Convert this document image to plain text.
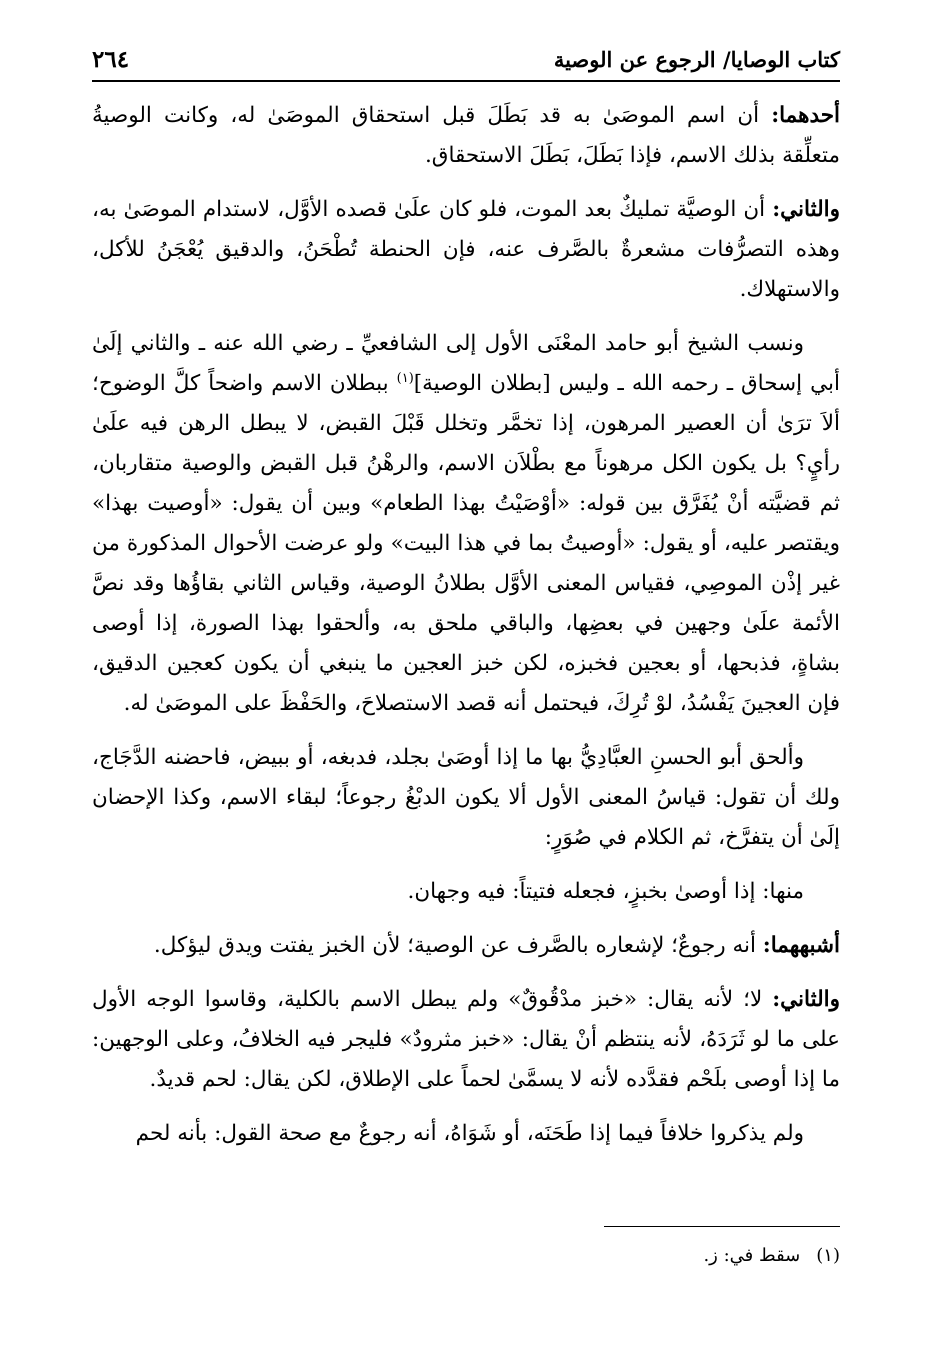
كتاب الوصايا/ الرجوع عن الوصية
٢٦٤

أحدهما: أن اسم الموصَىٰ به قد بَطَلَ قبل استحقاق الموصَىٰ له، وكانت الوصيةُ متعلِّقة بذلك الاسم، فإذا بَطَلَ، بَطَلَ الاستحقاق.

والثاني: أن الوصيَّة تمليكٌ بعد الموت، فلو كان علَىٰ قصده الأوَّل، لاستدام الموصَىٰ به، وهذه التصرُّفات مشعرةٌ بالصَّرف عنه، فإن الحنطة تُطْحَنُ، والدقيق يُعْجَنُ للأكل، والاستهلاك.

ونسب الشيخ أبو حامد المعْنَى الأول إلى الشافعيِّ ـ رضي الله عنه ـ والثاني إلَىٰ أبي إسحاق ـ رحمه الله ـ وليس [بطلان الوصية]$^{(١)}$ ببطلان الاسم واضحاً كلَّ الوضوح؛ ألاَ ترَىٰ أن العصير المرهون، إذا تخمَّر وتخلل قَبْلَ القبض، لا يبطل الرهن فيه علَىٰ رأيٍ؟ بل يكون الكل مرهوناً مع بطْلاَن الاسم، والرهْنُ قبل القبض والوصية متقاربان، ثم قضيَّته أنْ يُفَرَّق بين قوله: «أوْصَيْتُ بهذا الطعام» وبين أن يقول: «أوصيت بهذا» ويقتصر عليه، أو يقول: «أوصيتُ بما في هذا البيت» ولو عرضت الأحوال المذكورة من غير إذْن الموصِي، فقياس المعنى الأوَّل بطلانُ الوصية، وقياس الثاني بقاؤُها وقد نصَّ الأئمة علَىٰ وجهين في بعضِها، والباقي ملحق به، وألحقوا بهذا الصورة، إذا أوصى بشاةٍ، فذبحها، أو بعجين فخبزه، لكن خبز العجين ما ينبغي أن يكون كعجين الدقيق، فإن العجينَ يَفْسُدُ، لوْ تُرِكَ، فيحتمل أنه قصد الاستصلاحَ، والحَفْظَ على الموصَىٰ له.

وألحق أبو الحسنِ العبَّادِيُّ بها ما إذا أوصَىٰ بجلد، فدبغه، أو ببيض، فاحضنه الدَّجَاج، ولك أن تقول: قياسُ المعنى الأول ألا يكون الدبْغُ رجوعاً؛ لبقاء الاسم، وكذا الإحضان إلَىٰ أن يتفرَّخ، ثم الكلام في صُوَرٍ:

منها: إذا أوصىٰ بخبزٍ، فجعله فتيتاً: فيه وجهان.

أشبههما: أنه رجوعٌ؛ لإشعاره بالصَّرف عن الوصية؛ لأن الخبز يفتت ويدق ليؤكل.

والثاني: لا؛ لأنه يقال: «خبز مدْقُوقٌ» ولم يبطل الاسم بالكلية، وقاسوا الوجه الأول على ما لو ثَرَدَهُ، لأنه ينتظم أنْ يقال: «خبز مثرودٌ» فليجر فيه الخلافُ، وعلى الوجهين: ما إذا أوصى بلَحْم فقدَّده لأنه لا يسمَّىٰ لحماً على الإطلاق، لكن يقال: لحم قديدٌ.

ولم يذكروا خلافاً فيما إذا طَحَنَه، أو شَوَاهُ، أنه رجوعٌ مع صحة القول: بأنه لحم

(١)سقط في: ز.
